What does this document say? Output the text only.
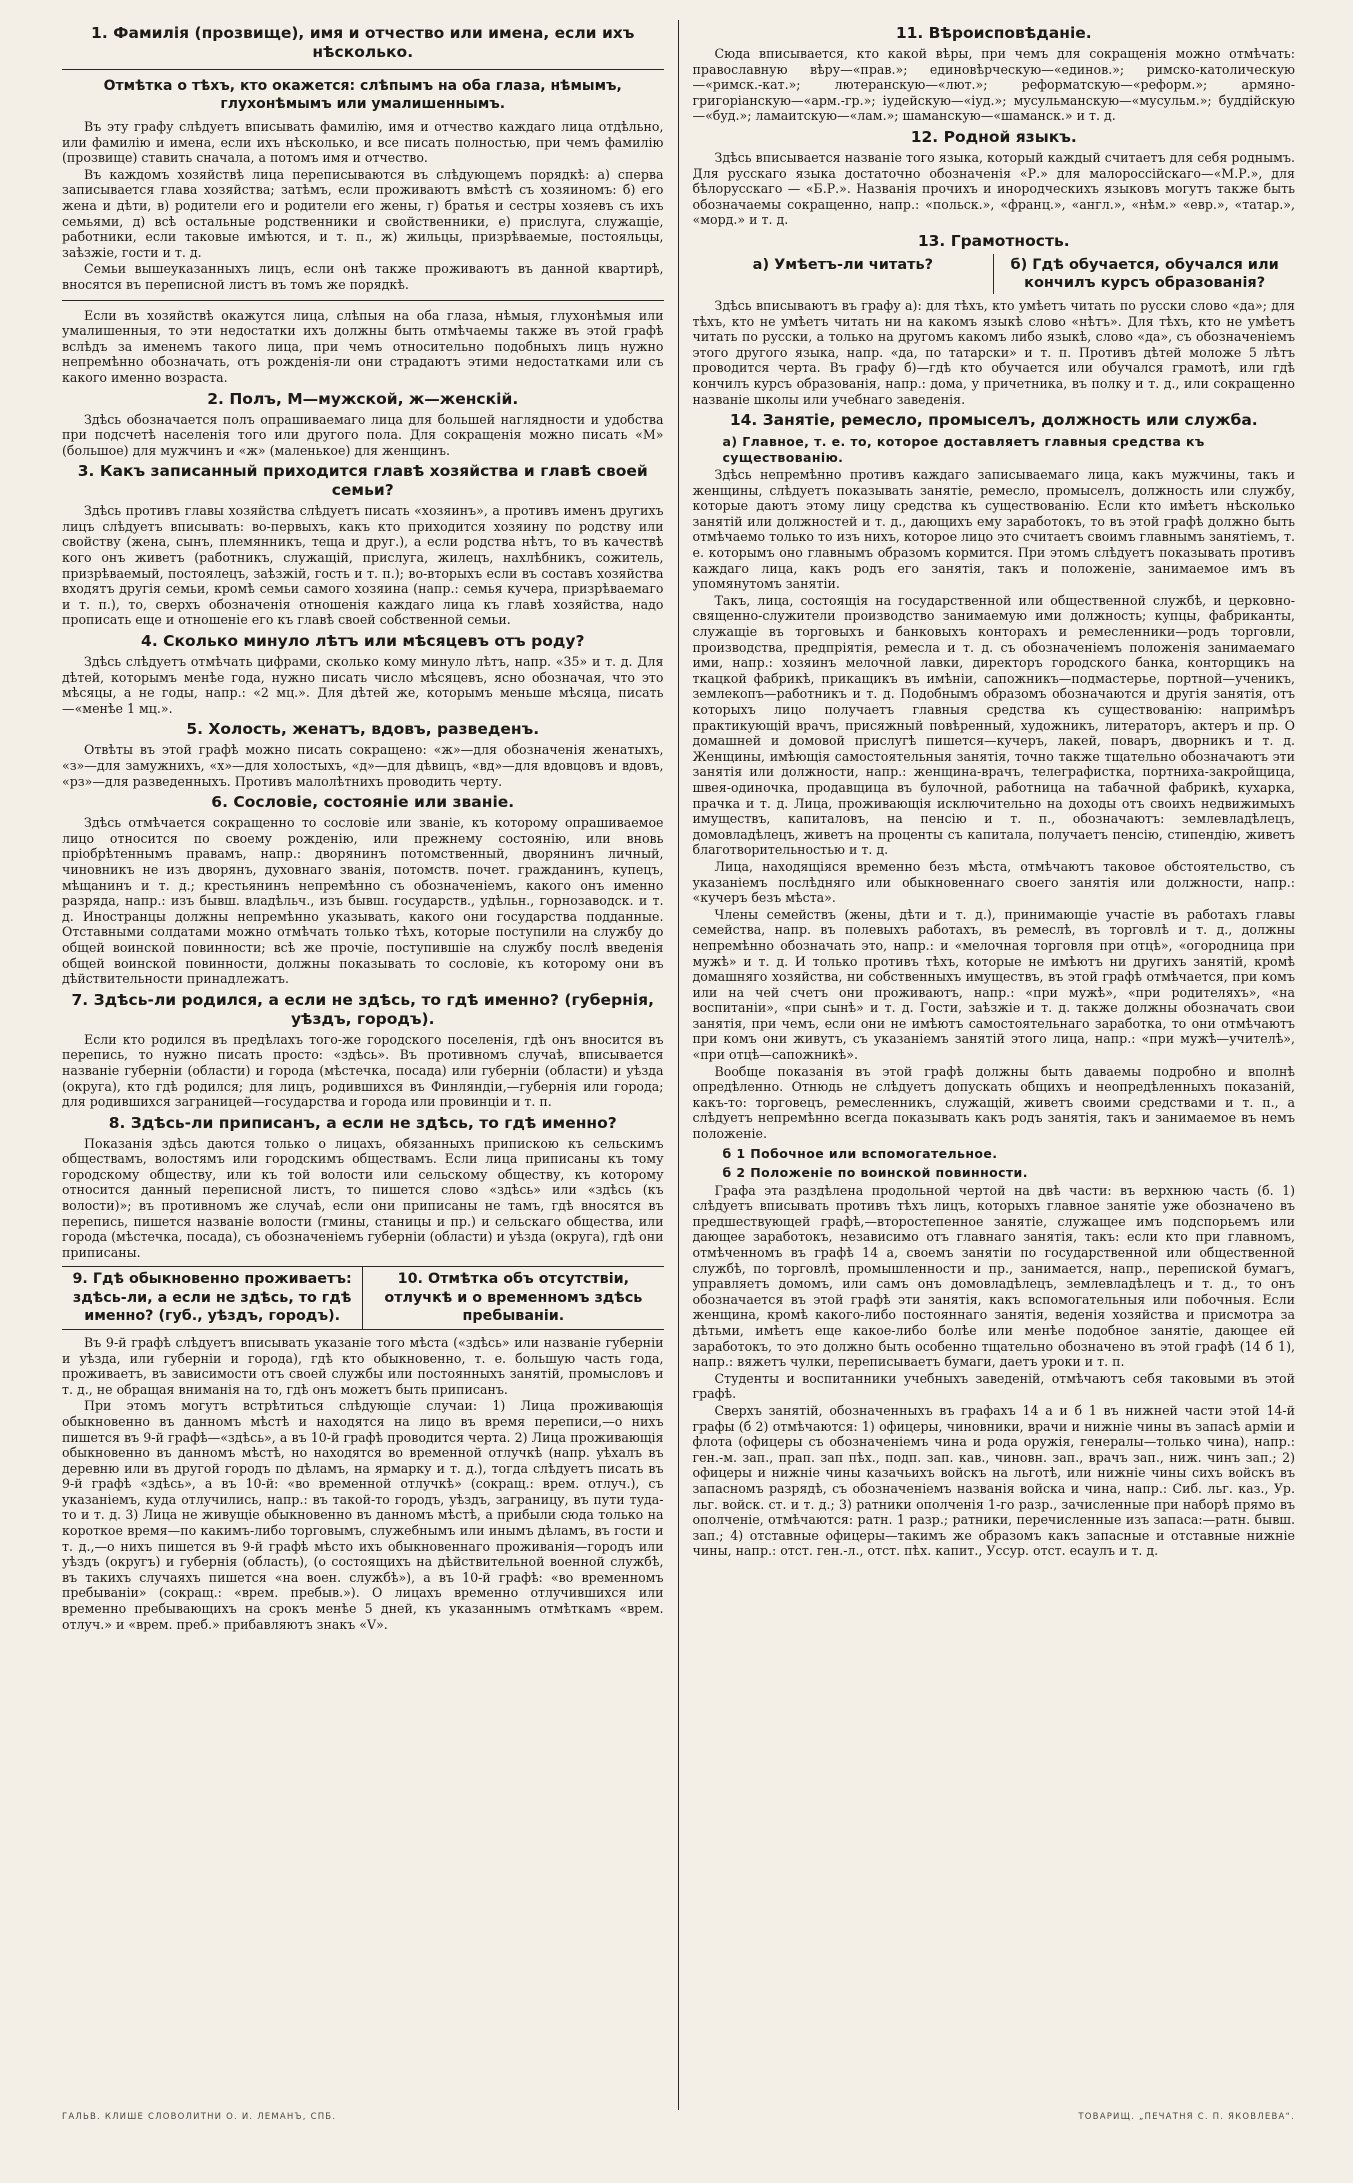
1. Фамилія (прозвище), имя и отчество или имена, если ихъ нѣсколько.
Отмѣтка о тѣхъ, кто окажется: слѣпымъ на оба глаза, нѣмымъ, глухонѣмымъ или умалишеннымъ.

Въ эту графу слѣдуетъ вписывать фамилію, имя и отчество каждаго лица отдѣльно, или фамилію и имена, если ихъ нѣсколько, и все писать полностью, при чемъ фамилію (прозвище) ставить сначала, а потомъ имя и отчество.

Въ каждомъ хозяйствѣ лица переписываются въ слѣдующемъ порядкѣ: а) сперва записывается глава хозяйства; затѣмъ, если проживаютъ вмѣстѣ съ хозяиномъ: б) его жена и дѣти, в) родители его и родители его жены, г) братья и сестры хозяевъ съ ихъ семьями, д) всѣ остальные родственники и свойственники, е) прислуга, служащіе, работники, если таковые имѣются, и т. п., ж) жильцы, призрѣваемые, постояльцы, заѣзжіе, гости и т. д.

Семьи вышеуказанныхъ лицъ, если онѣ также проживаютъ въ данной квартирѣ, вносятся въ переписной листъ въ томъ же порядкѣ.

Если въ хозяйствѣ окажутся лица, слѣпыя на оба глаза, нѣмыя, глухонѣмыя или умалишенныя, то эти недостатки ихъ должны быть отмѣчаемы также въ этой графѣ вслѣдъ за именемъ такого лица, при чемъ относительно подобныхъ лицъ нужно непремѣнно обозначать, отъ рожденія-ли они страдаютъ этими недостатками или съ какого именно возраста.

2. Полъ, М—мужской, ж—женскій.

Здѣсь обозначается полъ опрашиваемаго лица для большей наглядности и удобства при подсчетѣ населенія того или другого пола. Для сокращенія можно писать «М» (большое) для мужчинъ и «ж» (маленькое) для женщинъ.

3. Какъ записанный приходится главѣ хозяйства и главѣ своей семьи?

Здѣсь противъ главы хозяйства слѣдуетъ писать «хозяинъ», а противъ именъ другихъ лицъ слѣдуетъ вписывать: во-первыхъ, какъ кто приходится хозяину по родству или свойству (жена, сынъ, племянникъ, теща и друг.), а если родства нѣтъ, то въ качествѣ кого онъ живетъ (работникъ, служащій, прислуга, жилецъ, нахлѣбникъ, сожитель, призрѣваемый, постоялецъ, заѣзжій, гость и т. п.); во-вторыхъ если въ составъ хозяйства входятъ другія семьи, кромѣ семьи самого хозяина (напр.: семья кучера, призрѣваемаго и т. п.), то, сверхъ обозначенія отношенія каждаго лица къ главѣ хозяйства, надо прописать еще и отношеніе его къ главѣ своей собственной семьи.

4. Сколько минуло лѣтъ или мѣсяцевъ отъ роду?

Здѣсь слѣдуетъ отмѣчать цифрами, сколько кому минуло лѣтъ, напр. «35» и т. д. Для дѣтей, которымъ менѣе года, нужно писать число мѣсяцевъ, ясно обозначая, что это мѣсяцы, а не годы, напр.: «2 мц.». Для дѣтей же, которымъ меньше мѣсяца, писать—«менѣе 1 мц.».

5. Холость, женатъ, вдовъ, разведенъ.

Отвѣты въ этой графѣ можно писать сокращено: «ж»—для обозначенія женатыхъ, «з»—для замужнихъ, «х»—для холостыхъ, «д»—для дѣвицъ, «вд»—для вдовцовъ и вдовъ, «рз»—для разведенныхъ. Противъ малолѣтнихъ проводить черту.

6. Сословіе, состояніе или званіе.

Здѣсь отмѣчается сокращенно то сословіе или званіе, къ которому опрашиваемое лицо относится по своему рожденію, или прежнему состоянію, или вновь пріобрѣтеннымъ правамъ, напр.: дворянинъ потомственный, дворянинъ личный, чиновникъ не изъ дворянъ, духовнаго званія, потомств. почет. гражданинъ, купецъ, мѣщанинъ и т. д.; крестьянинъ непремѣнно съ обозначеніемъ, какого онъ именно разряда, напр.: изъ бывш. владѣльч., изъ бывш. государств., удѣльн., горнозаводск. и т. д. Иностранцы должны непремѣнно указывать, какого они государства подданные. Отставными солдатами можно отмѣчать только тѣхъ, которые поступили на службу до общей воинской повинности; всѣ же прочіе, поступившіе на службу послѣ введенія общей воинской повинности, должны показывать то сословіе, къ которому они въ дѣйствительности принадлежатъ.

7. Здѣсь-ли родился, а если не здѣсь, то гдѣ именно? (губернія, уѣздъ, городъ).

Если кто родился въ предѣлахъ того-же городского поселенія, гдѣ онъ вносится въ перепись, то нужно писать просто: «здѣсь». Въ противномъ случаѣ, вписывается названіе губерніи (области) и города (мѣстечка, посада) или губерніи (области) и уѣзда (округа), кто гдѣ родился; для лицъ, родившихся въ Финляндіи,—губернія или города; для родившихся заграницей—государства и города или провинціи и т. п.

8. Здѣсь-ли приписанъ, а если не здѣсь, то гдѣ именно?

Показанія здѣсь даются только о лицахъ, обязанныхъ припискою къ сельскимъ обществамъ, волостямъ или городскимъ обществамъ. Если лица приписаны къ тому городскому обществу, или къ той волости или сельскому обществу, къ которому относится данный переписной листъ, то пишется слово «здѣсь» или «здѣсь (къ волости)»; въ противномъ же случаѣ, если они приписаны не тамъ, гдѣ вносятся въ перепись, пишется названіе волости (гмины, станицы и пр.) и сельскаго общества, или города (мѣстечка, посада), съ обозначеніемъ губерніи (области) и уѣзда (округа), гдѣ они приписаны.

9. Гдѣ обыкновенно проживаетъ: здѣсь-ли, а если не здѣсь, то гдѣ именно? (губ., уѣздъ, городъ).
10. Отмѣтка объ отсутствіи, отлучкѣ и о временномъ здѣсь пребываніи.

Въ 9-й графѣ слѣдуетъ вписывать указаніе того мѣста («здѣсь» или названіе губерніи и уѣзда, или губерніи и города), гдѣ кто обыкновенно, т. е. большую часть года, проживаетъ, въ зависимости отъ своей службы или постоянныхъ занятій, промысловъ и т. д., не обращая вниманія на то, гдѣ онъ можетъ быть приписанъ.

При этомъ могутъ встрѣтиться слѣдующіе случаи: 1) Лица проживающія обыкновенно въ данномъ мѣстѣ и находятся на лицо въ время переписи,—о нихъ пишется въ 9-й графѣ—«здѣсь», а въ 10-й графѣ проводится черта. 2) Лица проживающія обыкновенно въ данномъ мѣстѣ, но находятся во временной отлучкѣ (напр. уѣхалъ въ деревню или въ другой городъ по дѣламъ, на ярмарку и т. д.), тогда слѣдуетъ писать въ 9-й графѣ «здѣсь», а въ 10-й: «во временной отлучкѣ» (сокращ.: врем. отлуч.), съ указаніемъ, куда отлучились, напр.: въ такой-то городъ, уѣздъ, заграницу, въ пути туда-то и т. д. 3) Лица не живущіе обыкновенно въ данномъ мѣстѣ, а прибыли сюда только на короткое время—по какимъ-либо торговымъ, служебнымъ или инымъ дѣламъ, въ гости и т. д.,—о нихъ пишется въ 9-й графѣ мѣсто ихъ обыкновеннаго проживанія—городъ или уѣздъ (округъ) и губернія (область), (о состоящихъ на дѣйствительной военной службѣ, въ такихъ случаяхъ пишется «на воен. службѣ»), а въ 10-й графѣ: «во временномъ пребываніи» (сокращ.: «врем. пребыв.»). О лицахъ временно отлучившихся или временно пребывающихъ на срокъ менѣе 5 дней, къ указаннымъ отмѣткамъ «врем. отлуч.» и «врем. преб.» прибавляютъ знакъ «V».

11. Вѣроисповѣданіе.

Сюда вписывается, кто какой вѣры, при чемъ для сокращенія можно отмѣчать: православную вѣру—«прав.»; единовѣрческую—«единов.»; римско-католическую—«римск.-кат.»; лютеранскую—«лют.»; реформатскую—«реформ.»; армяно-григоріанскую—«арм.-гр.»; іудейскую—«іуд.»; мусульманскую—«мусульм.»; буддійскую—«буд.»; ламаитскую—«лам.»; шаманскую—«шаманск.» и т. д.

12. Родной языкъ.

Здѣсь вписывается названіе того языка, который каждый считаетъ для себя роднымъ. Для русскаго языка достаточно обозначенія «Р.» для малороссійскаго—«М.Р.», для бѣлорусскаго — «Б.Р.». Названія прочихъ и инородческихъ языковъ могутъ также быть обозначаемы сокращенно, напр.: «польск.», «франц.», «англ.», «нѣм.» «евр.», «татар.», «морд.» и т. д.

13. Грамотность.
а) Умѣетъ-ли читать?	б) Гдѣ обучается, обучался или кончилъ курсъ образованія?

Здѣсь вписываютъ въ графу а): для тѣхъ, кто умѣетъ читать по русски слово «да»; для тѣхъ, кто не умѣетъ читать ни на какомъ языкѣ слово «нѣтъ». Для тѣхъ, кто не умѣетъ читать по русски, а только на другомъ какомъ либо языкѣ, слово «да», съ обозначеніемъ этого другого языка, напр. «да, по татарски» и т. п. Противъ дѣтей моложе 5 лѣтъ проводится черта. Въ графу б)—гдѣ кто обучается или обучался грамотѣ, или гдѣ кончилъ курсъ образованія, напр.: дома, у причетника, въ полку и т. д., или сокращенно названіе школы или учебнаго заведенія.

14. Занятіе, ремесло, промыселъ, должность или служба.
а) Главное, т. е. то, которое доставляетъ главныя средства къ существованію.

Здѣсь непремѣнно противъ каждаго записываемаго лица, какъ мужчины, такъ и женщины, слѣдуетъ показывать занятіе, ремесло, промыселъ, должность или службу, которые даютъ этому лицу средства къ существованію. Если кто имѣетъ нѣсколько занятій или должностей и т. д., дающихъ ему заработокъ, то въ этой графѣ должно быть отмѣчаемо только то изъ нихъ, которое лицо это считаетъ своимъ главнымъ занятіемъ, т. е. которымъ оно главнымъ образомъ кормится. При этомъ слѣдуетъ показывать противъ каждаго лица, какъ родъ его занятія, такъ и положеніе, занимаемое имъ въ упомянутомъ занятіи.

Такъ, лица, состоящія на государственной или общественной службѣ, и церковно-священно-служители производство занимаемую ими должность; купцы, фабриканты, служащіе въ торговыхъ и банковыхъ конторахъ и ремесленники—родъ торговли, производства, предпріятія, ремесла и т. д. съ обозначеніемъ положенія занимаемаго ими, напр.: хозяинъ мелочной лавки, директоръ городского банка, конторщикъ на ткацкой фабрикѣ, прикащикъ въ имѣніи, сапожникъ—подмастерье, портной—ученикъ, землекопъ—работникъ и т. д. Подобнымъ образомъ обозначаются и другія занятія, отъ которыхъ лицо получаетъ главныя средства къ существованію: напримѣръ практикующій врачъ, присяжный повѣренный, художникъ, литераторъ, актеръ и пр. О домашней и домовой прислугѣ пишется—кучеръ, лакей, поваръ, дворникъ и т. д. Женщины, имѣющія самостоятельныя занятія, точно также тщательно обозначаютъ эти занятія или должности, напр.: женщина-врачъ, телеграфистка, портниха-закройщица, швея-одиночка, продавщица въ булочной, работница на табачной фабрикѣ, кухарка, прачка и т. д. Лица, проживающія исключительно на доходы отъ своихъ недвижимыхъ имуществъ, капиталовъ, на пенсію и т. п., обозначаютъ: землевладѣлецъ, домовладѣлецъ, живетъ на проценты съ капитала, получаетъ пенсію, стипендію, живетъ благотворительностью и т. д.

Лица, находящіяся временно безъ мѣста, отмѣчаютъ таковое обстоятельство, съ указаніемъ послѣдняго или обыкновеннаго своего занятія или должности, напр.: «кучеръ безъ мѣста».

Члены семействъ (жены, дѣти и т. д.), принимающіе участіе въ работахъ главы семейства, напр. въ полевыхъ работахъ, въ ремеслѣ, въ торговлѣ и т. д., должны непремѣнно обозначать это, напр.: и «мелочная торговля при отцѣ», «огородница при мужѣ» и т. д. И только противъ тѣхъ, которые не имѣютъ ни другихъ занятій, кромѣ домашняго хозяйства, ни собственныхъ имуществъ, въ этой графѣ отмѣчается, при комъ или на чей счетъ они проживаютъ, напр.: «при мужѣ», «при родителяхъ», «на воспитаніи», «при сынѣ» и т. д. Гости, заѣзжіе и т. д. также должны обозначать свои занятія, при чемъ, если они не имѣютъ самостоятельнаго заработка, то они отмѣчаютъ при комъ они живутъ, съ указаніемъ занятій этого лица, напр.: «при мужѣ—учителѣ», «при отцѣ—сапожникѣ».

Вообще показанія въ этой графѣ должны быть даваемы подробно и вполнѣ опредѣленно. Отнюдь не слѣдуетъ допускать общихъ и неопредѣленныхъ показаній, какъ-то: торговецъ, ремесленникъ, служащій, живетъ своими средствами и т. п., а слѣдуетъ непремѣнно всегда показывать какъ родъ занятія, такъ и занимаемое въ немъ положеніе.

б 1 Побочное или вспомогательное.
б 2 Положеніе по воинской повинности.

Графа эта раздѣлена продольной чертой на двѣ части: въ верхнюю часть (б. 1) слѣдуетъ вписывать противъ тѣхъ лицъ, которыхъ главное занятіе уже обозначено въ предшествующей графѣ,—второстепенное занятіе, служащее имъ подспорьемъ или дающее заработокъ, независимо отъ главнаго занятія, такъ: если кто при главномъ, отмѣченномъ въ графѣ 14 а, своемъ занятіи по государственной или общественной службѣ, по торговлѣ, промышленности и пр., занимается, напр., перепиской бумагъ, управляетъ домомъ, или самъ онъ домовладѣлецъ, землевладѣлецъ и т. д., то онъ обозначается въ этой графѣ эти занятія, какъ вспомогательныя или побочныя. Если женщина, кромѣ какого-либо постояннаго занятія, веденія хозяйства и присмотра за дѣтьми, имѣетъ еще какое-либо болѣе или менѣе подобное занятіе, дающее ей заработокъ, то это должно быть особенно тщательно обозначено въ этой графѣ (14 б 1), напр.: вяжетъ чулки, переписываетъ бумаги, даетъ уроки и т. п.

Студенты и воспитанники учебныхъ заведеній, отмѣчаютъ себя таковыми въ этой графѣ.

Сверхъ занятій, обозначенныхъ въ графахъ 14 а и б 1 въ нижней части этой 14-й графы (б 2) отмѣчаются: 1) офицеры, чиновники, врачи и нижніе чины въ запасѣ арміи и флота (офицеры съ обозначеніемъ чина и рода оружія, генералы—только чина), напр.: ген.-м. зап., прап. зап пѣх., подп. зап. кав., чиновн. зап., врачъ зап., ниж. чинъ зап.; 2) офицеры и нижніе чины казачьихъ войскъ на льготѣ, или нижніе чины сихъ войскъ въ запасномъ разрядѣ, съ обозначеніемъ названія войска и чина, напр.: Сиб. льг. каз., Ур. льг. войск. ст. и т. д.; 3) ратники ополченія 1-го разр., зачисленные при наборѣ прямо въ ополченіе, отмѣчаются: ратн. 1 разр.; ратники, перечисленные изъ запаса:—ратн. бывш. зап.; 4) отставные офицеры—такимъ же образомъ какъ запасные и отставные нижніе чины, напр.: отст. ген.-л., отст. пѣх. капит., Уссур. отст. есаулъ и т. д.

ГАЛЬВ. КЛИШЕ СЛОВОЛИТНИ О. И. ЛЕМАНЪ, СПБ.	ТОВАРИЩ. „ПЕЧАТНЯ С. П. ЯКОВЛЕВА“.
